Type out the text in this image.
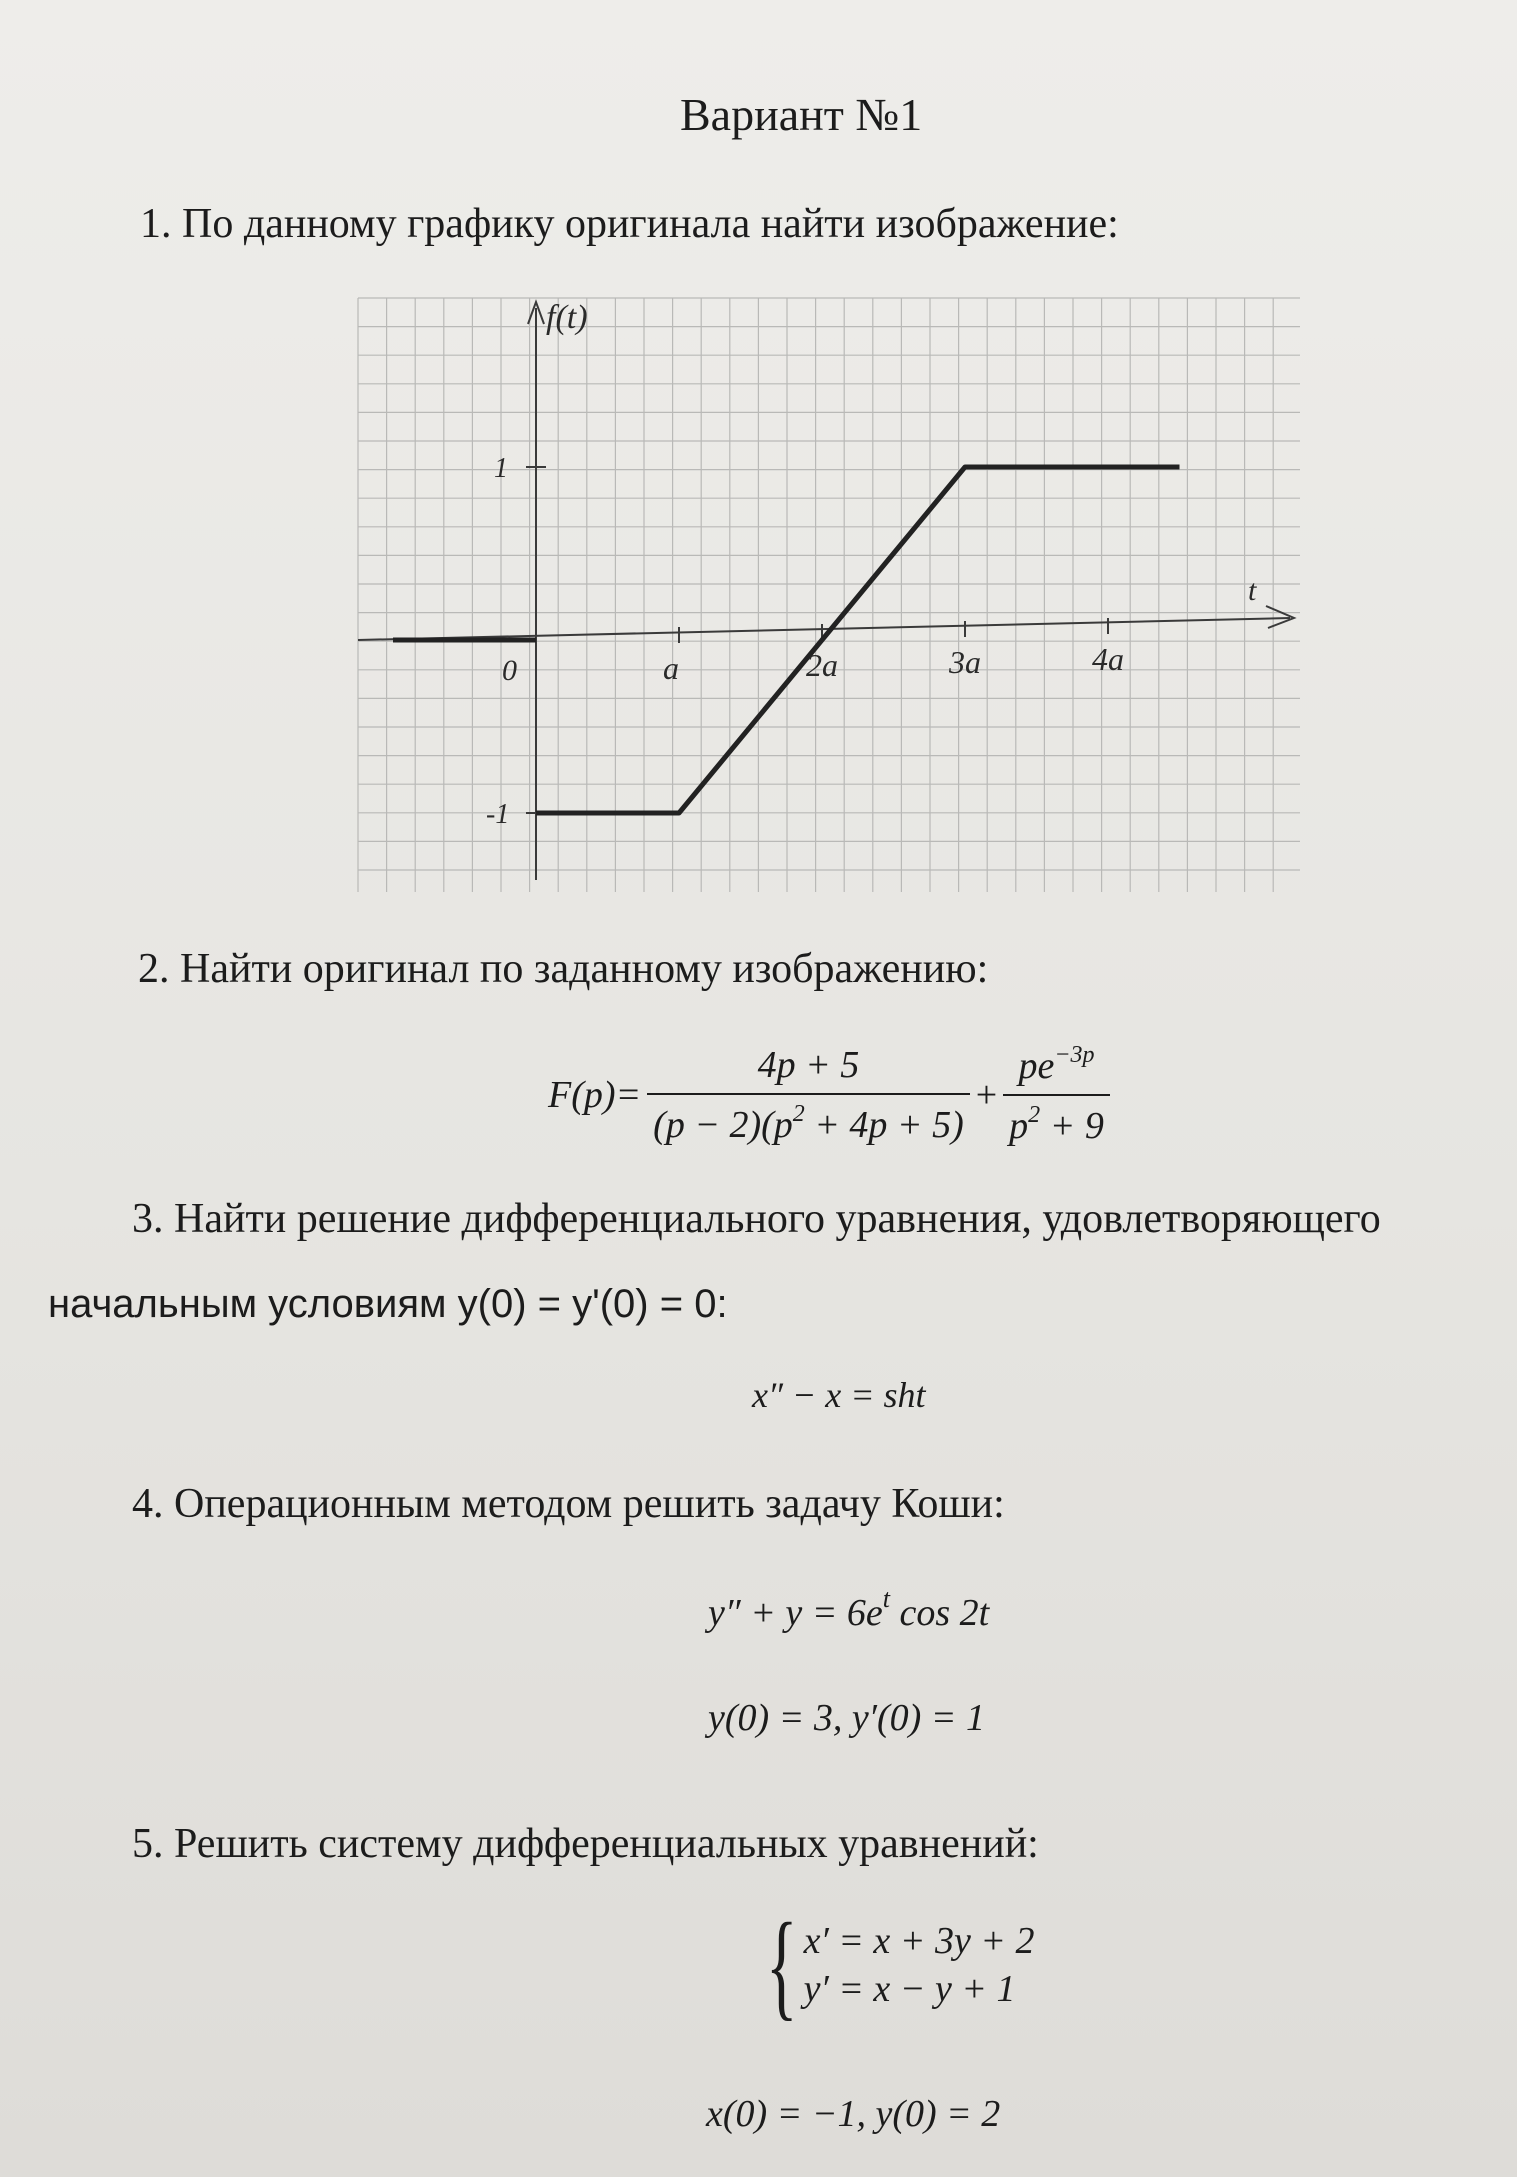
Вариант №1
1. По данному графику оригинала найти изображение:
f(t)
t
0
1
-1
a	2a	3a	4a
2. Найти оригинал по заданному изображению:
$F(p)= \frac{4p + 5}{(p - 2)(p^2 + 4p + 5)} + \frac{pe^{-3p}}{p^2 + 9}$
3. Найти решение дифференциального уравнения, удовлетворяющего
начальным условиям y(0) = y'(0) = 0:
x″ − x = sht
4. Операционным методом решить задачу Коши:
$y'' + y = 6e^t$ cos 2t
y(0) = 3, y′(0) = 1
5. Решить систему дифференциальных уравнений:
{ x′ = x + 3y + 2
y′ = x − y + 1
x(0) = −1, y(0) = 2
